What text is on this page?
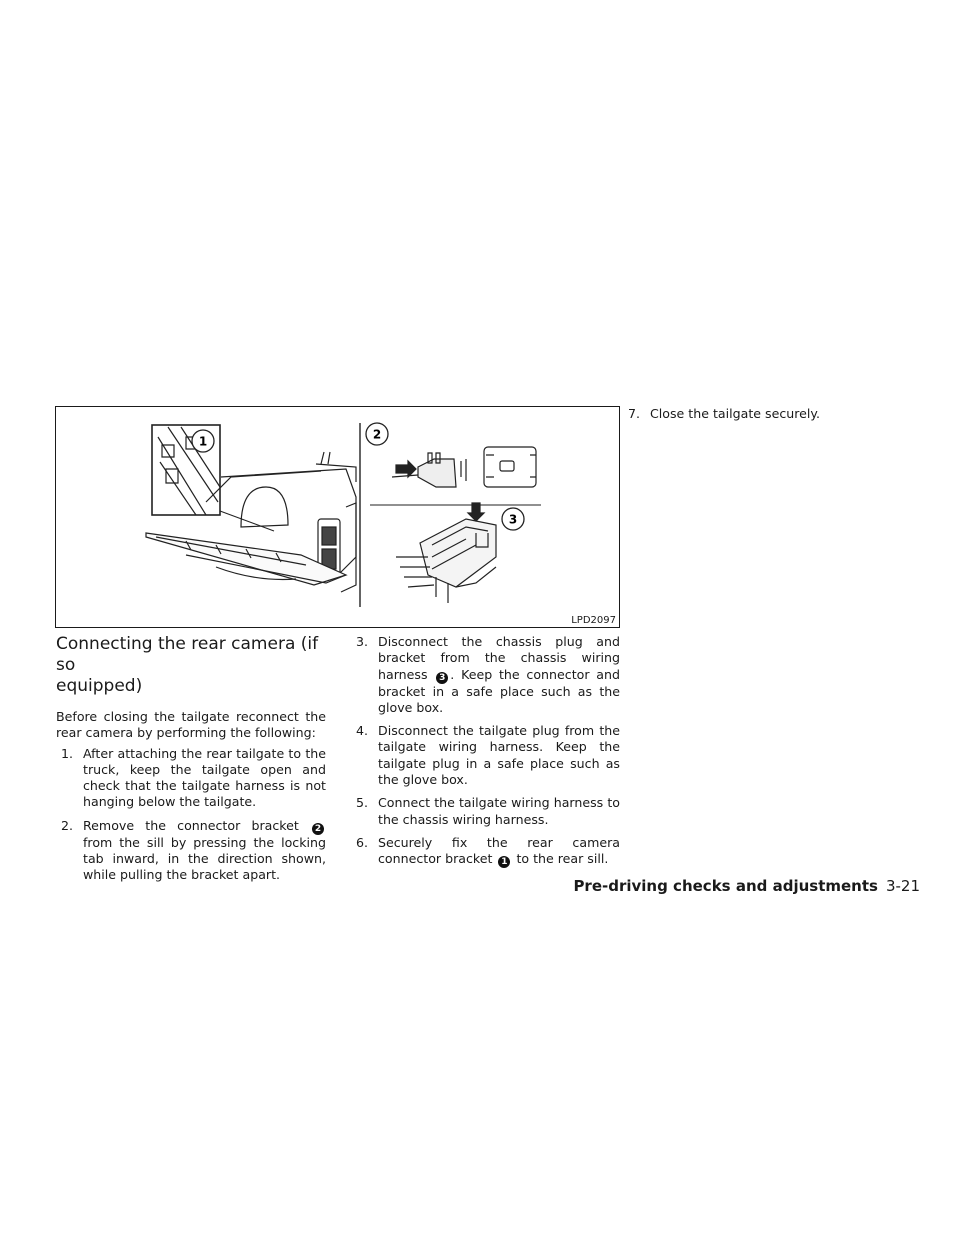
1	2
3
LPD2097
Connecting the rear camera (if so
equipped)

Before closing the tailgate reconnect the rear camera by performing the following:

1. After attaching the rear tailgate to the truck, keep the tailgate open and check that the tailgate harness is not hanging below the tailgate.
2. Remove the connector bracket 2 from the sill by pressing the locking tab inward, in the direction shown, while pulling the bracket apart.
3. Disconnect the chassis plug and bracket from the chassis wiring harness 3 . Keep the connector and bracket in a safe place such as the glove box.
4. Disconnect the tailgate plug from the tailgate wiring harness. Keep the tailgate plug in a safe place such as the glove box.
5. Connect the tailgate wiring harness to the chassis wiring harness.
6. Securely fix the rear camera connector bracket 1 to the rear sill.
7. Close the tailgate securely.
Pre-driving checks and adjustments 3-21
